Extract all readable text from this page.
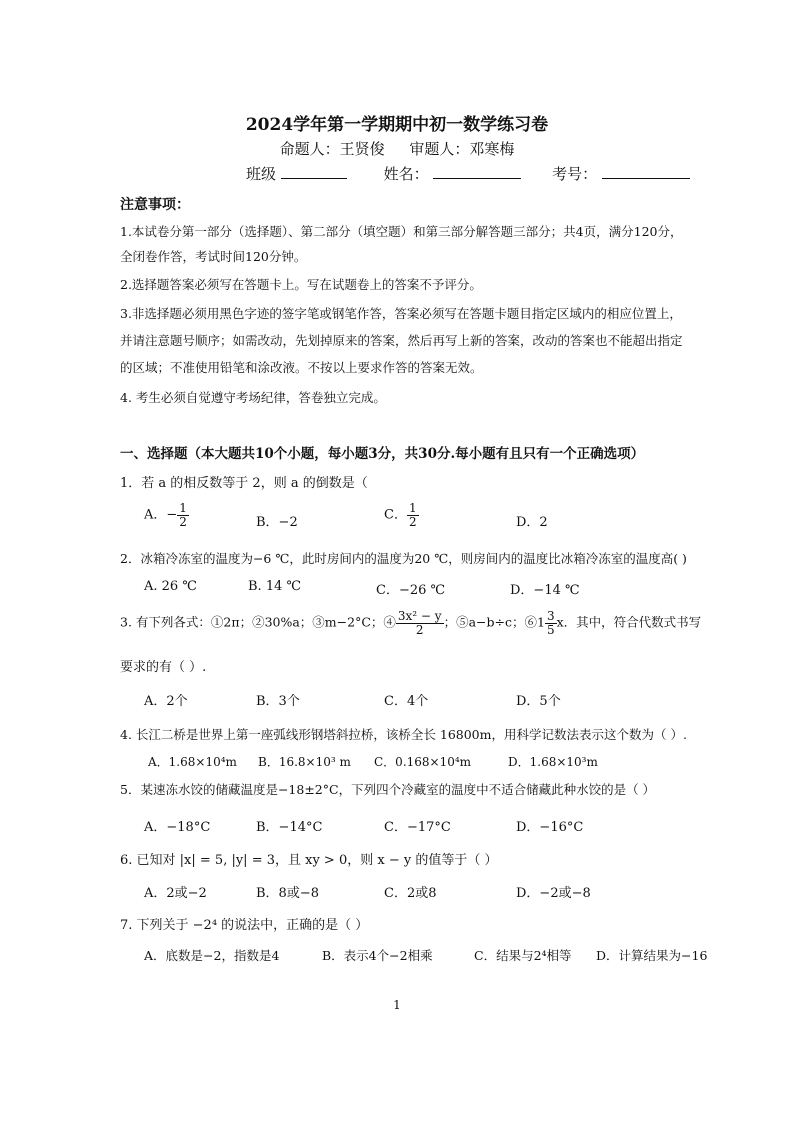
2024学年第一学期期中初一数学练习卷
命题人：王贤俊 审题人：邓寒梅
班级	姓名：	考号：
注意事项：
1.本试卷分第一部分（选择题）、第二部分（填空题）和第三部分解答题三部分；共4页，满分120分，
全闭卷作答，考试时间120分钟。
2.选择题答案必须写在答题卡上。写在试题卷上的答案不予评分。
3.非选择题必须用黑色字迹的签字笔或钢笔作答，答案必须写在答题卡题目指定区域内的相应位置上，
并请注意题号顺序；如需改动，先划掉原来的答案，然后再写上新的答案，改动的答案也不能超出指定
的区域；不准使用铅笔和涂改液。不按以上要求作答的答案无效。
4. 考生必须自觉遵守考场纪律，答卷独立完成。
一、选择题（本大题共10个小题，每小题3分，共30分.每小题有且只有一个正确选项）
1．若 a 的相反数等于 2，则 a 的倒数是（
A．− $\frac{1}{2}$	B．−2	C． $\frac{1}{2}$	D．2
2．冰箱冷冻室的温度为−6 ℃，此时房间内的温度为20 ℃，则房间内的温度比冰箱冷冻室的温度高( )
A. 26 ℃	B. 14 ℃	C．−26 ℃	D．−14 ℃
3. 有下列各式：①2π；②30%a；③m−2°C；④ $\frac{\text{3x² − y}}{2}$ ；⑤a−b÷c；⑥1 $\frac{3}{5}$ x．其中，符合代数式书写
要求的有（ ）.
A．2个	B．3个	C．4个	D．5个
4. 长江二桥是世界上第一座弧线形钢塔斜拉桥，该桥全长 16800m，用科学记数法表示这个数为（ ）.
A．1.68×10⁴m B．16.8×10³ m C．0.168×10⁴m	D．1.68×10³m
5．某速冻水饺的储藏温度是−18±2°C，下列四个冷藏室的温度中不适合储藏此种水饺的是（ ）
A．−18°C	B．−14°C	C．−17°C	D．−16°C
6. 已知对 |x| = 5, |y| = 3，且 xy > 0，则 x − y 的值等于（ ）
A．2或−2	B．8或−8	C．2或8	D．−2或−8
7. 下列关于 −2⁴ 的说法中，正确的是（ ）
A．底数是−2，指数是4	B．表示4个−2相乘	C．结果与2⁴相等 D．计算结果为−16
1
